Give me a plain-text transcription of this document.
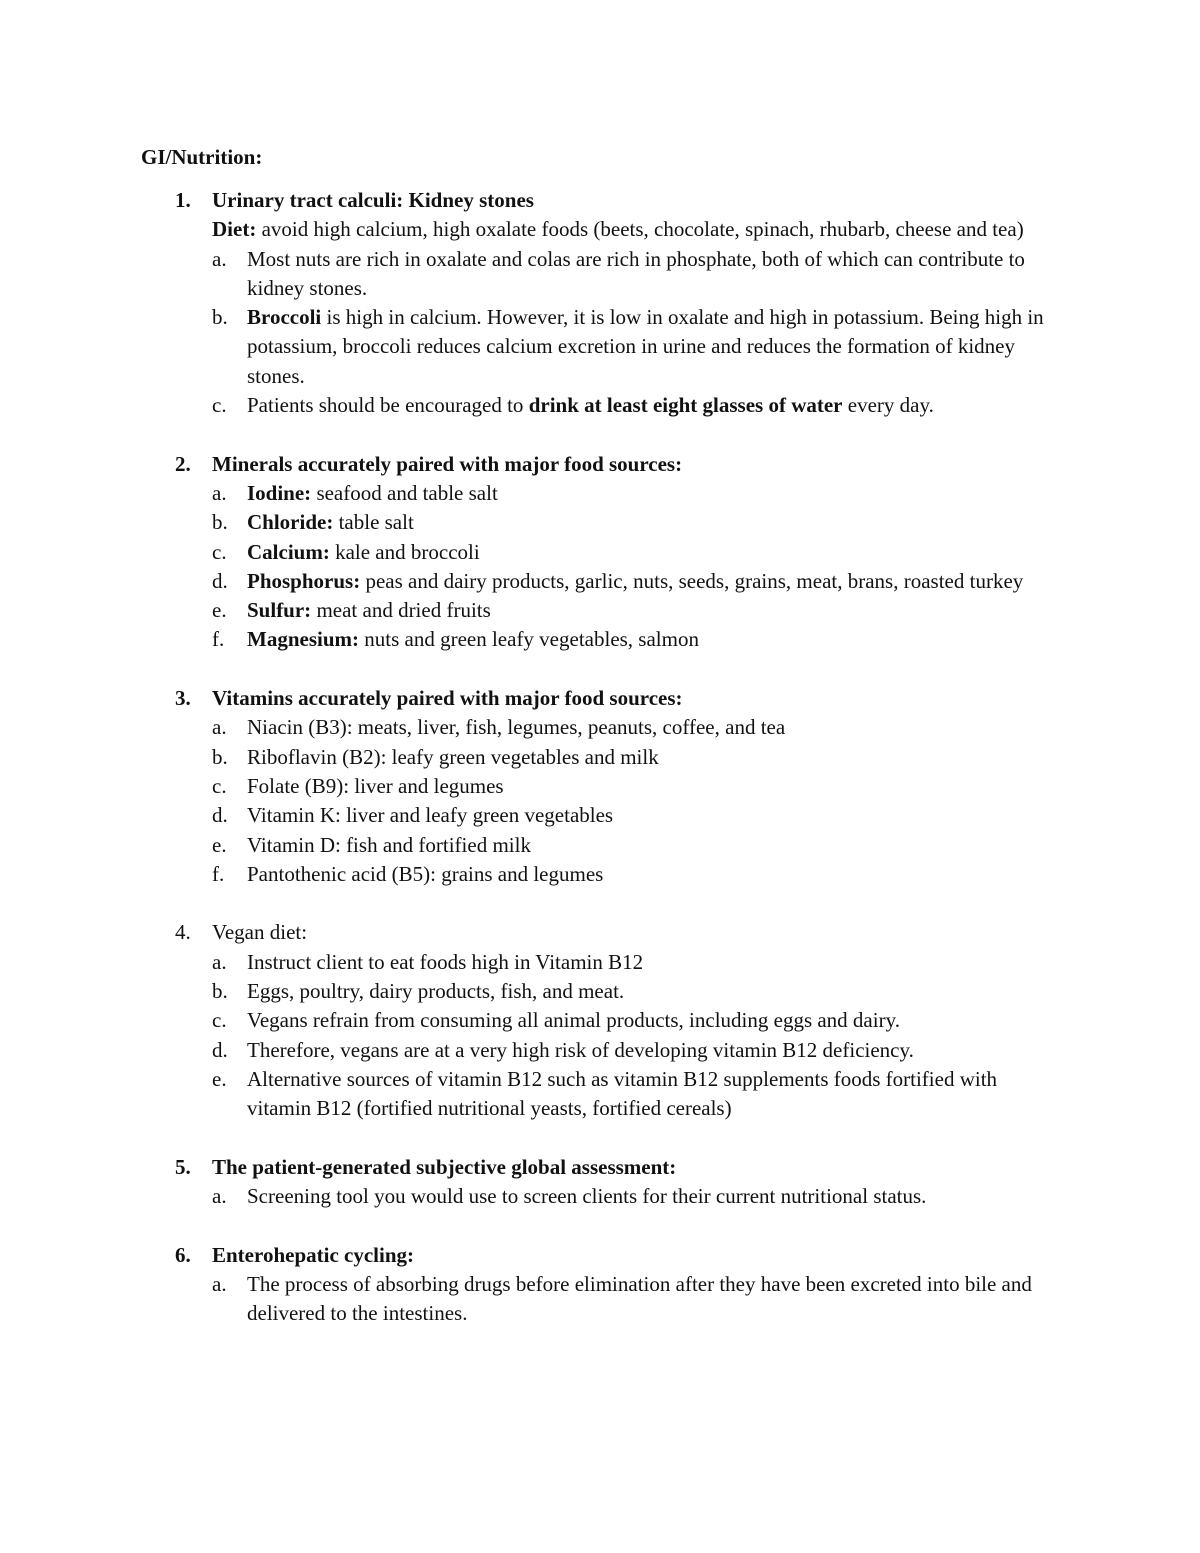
GI/Nutrition:

1. Urinary tract calculi: Kidney stones

Diet: avoid high calcium, high oxalate foods (beets, chocolate, spinach, rhubarb, cheese and tea)

a. Most nuts are rich in oxalate and colas are rich in phosphate, both of which can contribute to kidney stones.
b. Broccoli is high in calcium. However, it is low in oxalate and high in potassium. Being high in potassium, broccoli reduces calcium excretion in urine and reduces the formation of kidney stones.
c. Patients should be encouraged to drink at least eight glasses of water every day.
2. Minerals accurately paired with major food sources:

a. Iodine: seafood and table salt
b. Chloride: table salt
c. Calcium: kale and broccoli
d. Phosphorus: peas and dairy products, garlic, nuts, seeds, grains, meat, brans, roasted turkey
e. Sulfur: meat and dried fruits
f. Magnesium: nuts and green leafy vegetables, salmon
3. Vitamins accurately paired with major food sources:

a. Niacin (B3): meats, liver, fish, legumes, peanuts, coffee, and tea
b. Riboflavin (B2): leafy green vegetables and milk
c. Folate (B9): liver and legumes
d. Vitamin K: liver and leafy green vegetables
e. Vitamin D: fish and fortified milk
f. Pantothenic acid (B5): grains and legumes
4. Vegan diet:

a. Instruct client to eat foods high in Vitamin B12
b. Eggs, poultry, dairy products, fish, and meat.
c. Vegans refrain from consuming all animal products, including eggs and dairy.
d. Therefore, vegans are at a very high risk of developing vitamin B12 deficiency.
e. Alternative sources of vitamin B12 such as vitamin B12 supplements foods fortified with vitamin B12 (fortified nutritional yeasts, fortified cereals)
5. The patient-generated subjective global assessment:

a. Screening tool you would use to screen clients for their current nutritional status.
6. Enterohepatic cycling:

a. The process of absorbing drugs before elimination after they have been excreted into bile and delivered to the intestines.
